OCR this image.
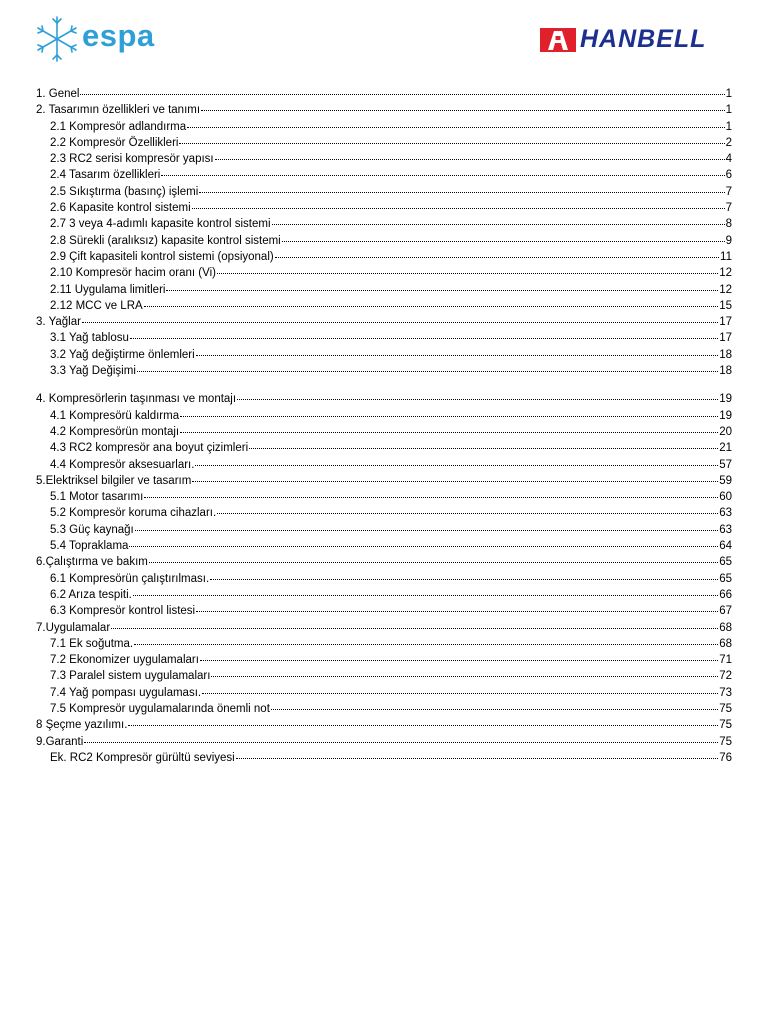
espa	HANBELL
1. Genel	1
2. Tasarımın özellikleri ve tanımı	1
2.1 Kompresör adlandırma	1
2.2 Kompresör Özellikleri	2
2.3 RC2 serisi kompresör yapısı	4
2.4 Tasarım özellikleri	6
2.5 Sıkıştırma (basınç) işlemi	7
2.6 Kapasite kontrol sistemi	7
2.7 3 veya 4-adımlı kapasite kontrol sistemi	8
2.8 Sürekli (aralıksız) kapasite kontrol sistemi	9
2.9 Çift kapasiteli kontrol sistemi (opsiyonal)	11
2.10 Kompresör hacim oranı (Vi)	12
2.11 Uygulama limitleri	12
2.12 MCC ve LRA	15
3. Yağlar	17
3.1 Yağ tablosu	17
3.2 Yağ değiştirme önlemleri	18
3.3 Yağ Değişimi	18
4. Kompresörlerin taşınması ve montajı	19
4.1 Kompresörü kaldırma	19
4.2 Kompresörün montajı	20
4.3 RC2 kompresör ana boyut çizimleri	21
4.4 Kompresör aksesuarları.	57
5.Elektriksel bilgiler ve tasarım	59
5.1 Motor tasarımı	60
5.2 Kompresör koruma cihazları.	63
5.3 Güç kaynağı	63
5.4 Topraklama	64
6.Çalıştırma ve bakım	65
6.1 Kompresörün çalıştırılması.	65
6.2 Arıza tespiti.	66
6.3 Kompresör kontrol listesi	67
7.Uygulamalar	68
7.1 Ek soğutma.	68
7.2 Ekonomizer uygulamaları	71
7.3 Paralel sistem uygulamaları	72
7.4 Yağ pompası uygulaması.	73
7.5 Kompresör uygulamalarında önemli not	75
8 Şeçme yazılımı.	75
9.Garanti	75
Ek. RC2 Kompresör gürültü seviyesi	76
